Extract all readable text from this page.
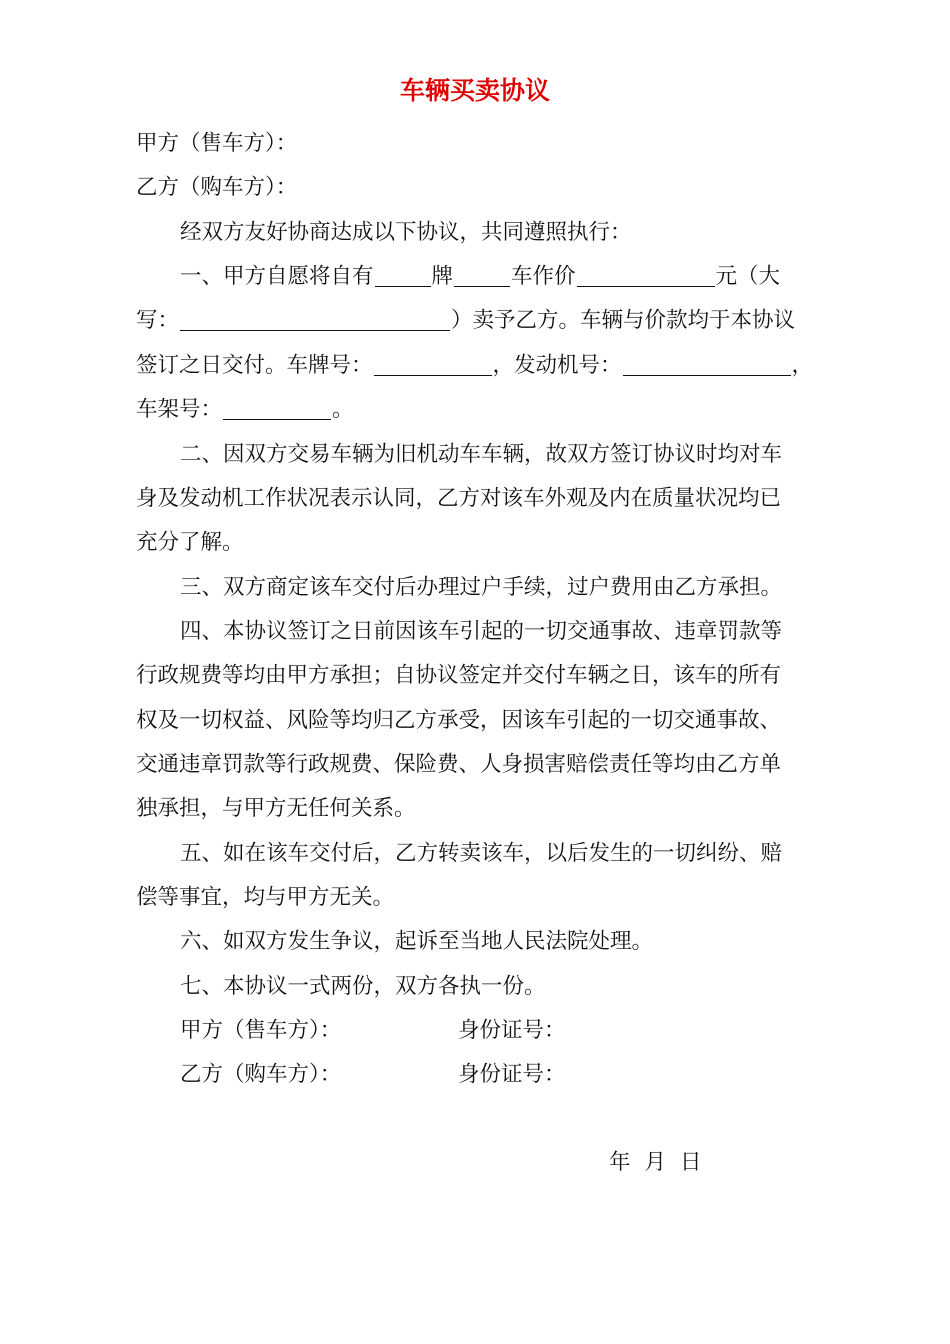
车辆买卖协议
甲方（售车方）：
乙方（购车方）：
经双方友好协商达成以下协议，共同遵照执行：
一、甲方自愿将自有	牌	车作价	元（大
写：	）卖予乙方。车辆与价款均于本协议
签订之日交付。车牌号：	，发动机号：	，
车架号：	。
二、因双方交易车辆为旧机动车车辆，故双方签订协议时均对车
身及发动机工作状况表示认同，乙方对该车外观及内在质量状况均已
充分了解。
三、双方商定该车交付后办理过户手续，过户费用由乙方承担。
四、本协议签订之日前因该车引起的一切交通事故、违章罚款等
行政规费等均由甲方承担；自协议签定并交付车辆之日，该车的所有
权及一切权益、风险等均归乙方承受，因该车引起的一切交通事故、
交通违章罚款等行政规费、保险费、人身损害赔偿责任等均由乙方单
独承担，与甲方无任何关系。
五、如在该车交付后，乙方转卖该车，以后发生的一切纠纷、赔
偿等事宜，均与甲方无关。
六、如双方发生争议，起诉至当地人民法院处理。
七、本协议一式两份，双方各执一份。
甲方（售车方）：	身份证号：
乙方（购车方）：	身份证号：
年 月 日
